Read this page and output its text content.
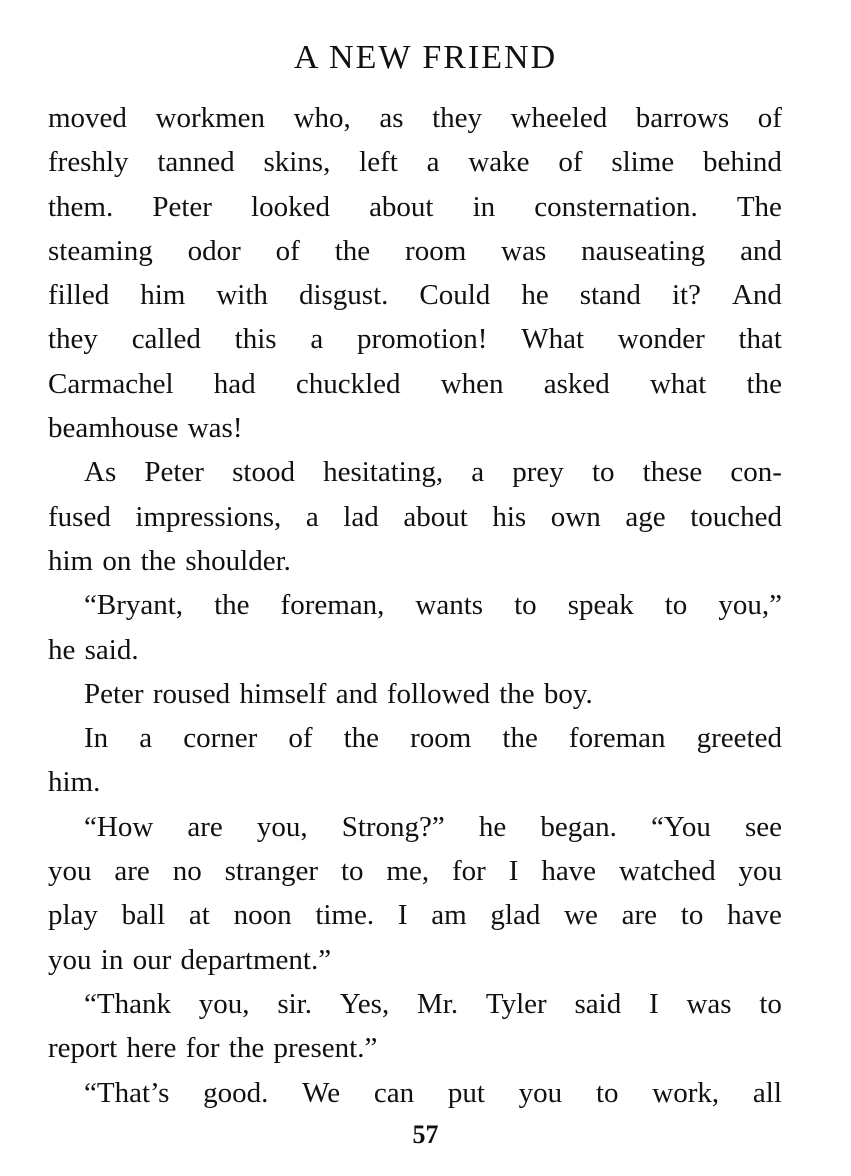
A NEW FRIEND
moved workmen who, as they wheeled barrows of
freshly tanned skins, left a wake of slime behind
them. Peter looked about in consternation. The
steaming odor of the room was nauseating and
filled him with disgust. Could he stand it? And
they called this a promotion! What wonder that
Carmachel had chuckled when asked what the
beamhouse was!
As Peter stood hesitating, a prey to these con-
fused impressions, a lad about his own age touched
him on the shoulder.
“Bryant, the foreman, wants to speak to you,”
he said.
Peter roused himself and followed the boy.
In a corner of the room the foreman greeted
him.
“How are you, Strong?” he began. “You see
you are no stranger to me, for I have watched you
play ball at noon time. I am glad we are to have
you in our department.”
“Thank you, sir. Yes, Mr. Tyler said I was to
report here for the present.”
“That’s good. We can put you to work, all
57
